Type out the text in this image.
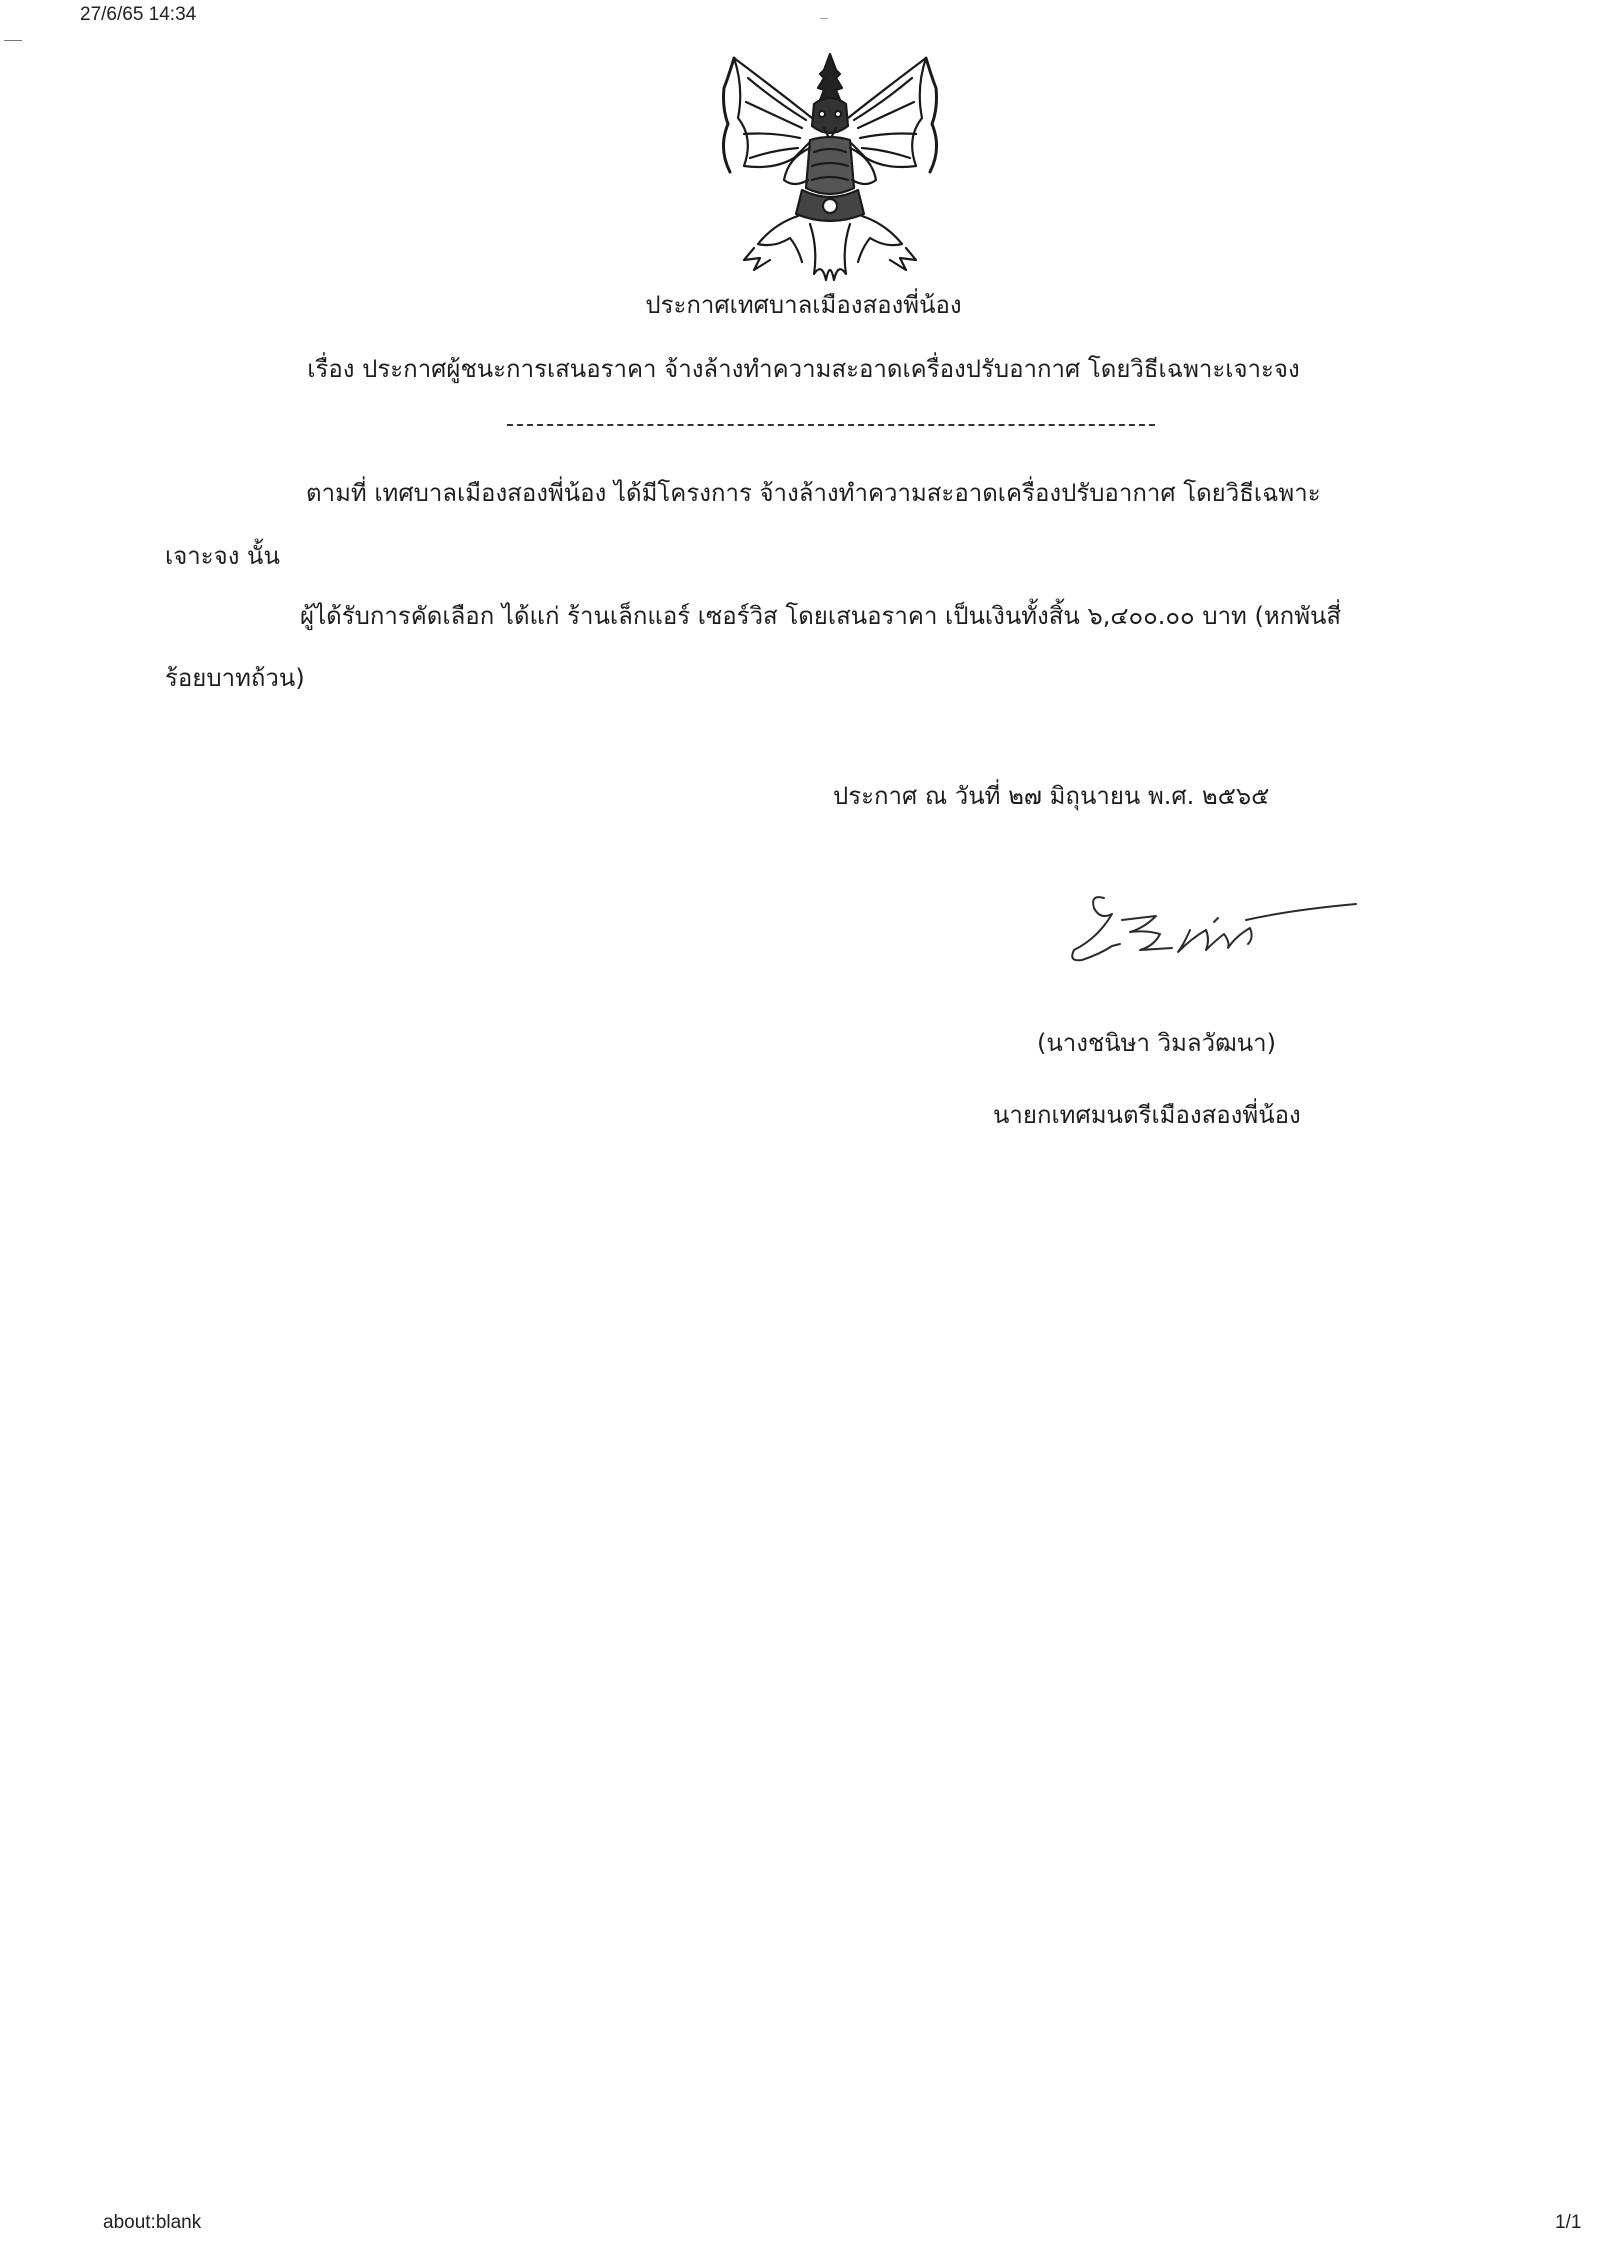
27/6/65 14:34
ประกาศเทศบาลเมืองสองพี่น้อง
เรื่อง ประกาศผู้ชนะการเสนอราคา จ้างล้างทำความสะอาดเครื่องปรับอากาศ โดยวิธีเฉพาะเจาะจง
ตามที่ เทศบาลเมืองสองพี่น้อง ได้มีโครงการ จ้างล้างทำความสะอาดเครื่องปรับอากาศ โดยวิธีเฉพาะ
เจาะจง นั้น
ผู้ได้รับการคัดเลือก ได้แก่ ร้านเล็กแอร์ เซอร์วิส โดยเสนอราคา เป็นเงินทั้งสิ้น ๖,๔๐๐.๐๐ บาท (หกพันสี่
ร้อยบาทถ้วน)
ประกาศ ณ วันที่ ๒๗ มิถุนายน พ.ศ. ๒๕๖๕
(นางชนิษา วิมลวัฒนา)
นายกเทศมนตรีเมืองสองพี่น้อง
about:blank	1/1
